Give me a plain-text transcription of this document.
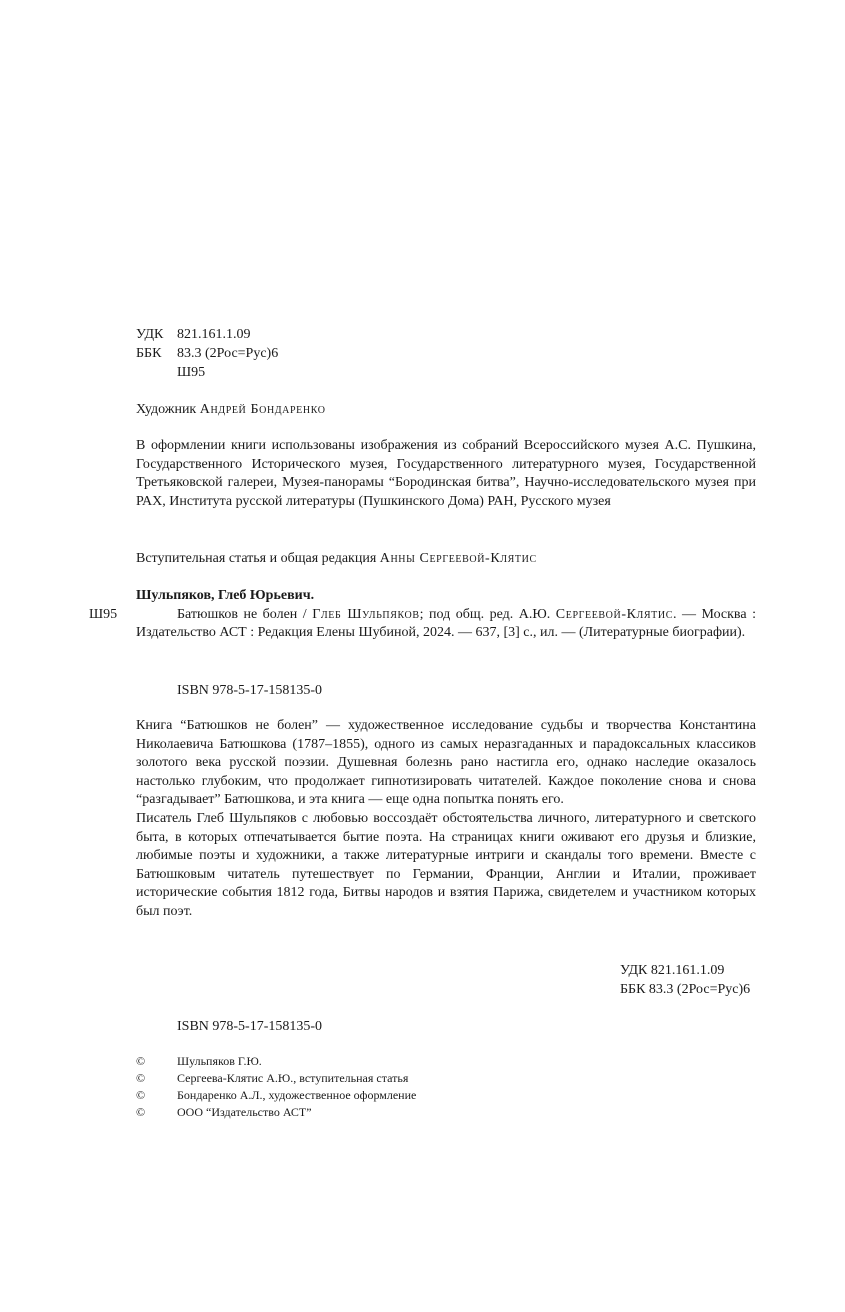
УДК 821.161.1.09
ББК	83.3 (2Рос=Рус)6
Ш95
Художник Андрей Бондаренко
В оформлении книги использованы изображения из собраний Всероссийского музея А.С. Пушкина, Государственного Исторического музея, Государственного литературного музея, Государственной Третьяковской галереи, Музея-панорамы “Бородинская битва”, Научно-исследовательского музея при РАХ, Института русской литературы (Пушкинского Дома) РАН, Русского музея
Вступительная статья и общая редакция Анны Сергеевой-Клятис
Ш95
Шульпяков, Глеб Юрьевич.
Батюшков не болен / Глеб Шульпяков; под общ. ред. А.Ю. Сергеевой-Клятис. — Москва : Издательство АСТ : Редакция Елены Шубиной, 2024. — 637, [3] с., ил. — (Литературные биографии).
ISBN 978-5-17-158135-0

Книга “Батюшков не болен” — художественное исследование судьбы и творчества Константина Николаевича Батюшкова (1787–1855), одного из самых неразгаданных и парадоксальных классиков золотого века русской поэзии. Душевная болезнь рано настигла его, однако наследие оказалось настолько глубоким, что продолжает гипнотизировать читателей. Каждое поколение снова и снова “разгадывает” Батюшкова, и эта книга — еще одна попытка понять его.

Писатель Глеб Шульпяков с любовью воссоздаёт обстоятельства личного, литературного и светского быта, в которых отпечатывается бытие поэта. На страницах книги оживают его друзья и близкие, любимые поэты и художники, а также литературные интриги и скандалы того времени. Вместе с Батюшковым читатель путешествует по Германии, Франции, Англии и Италии, проживает исторические события 1812 года, Битвы народов и взятия Парижа, свидетелем и участником которых был поэт.

УДК 821.161.1.09
ББК 83.3 (2Рос=Рус)6
ISBN 978-5-17-158135-0
©	Шульпяков Г.Ю.
©	Сергеева-Клятис А.Ю., вступительная статья
©	Бондаренко А.Л., художественное оформление
©	ООО “Издательство АСТ”
